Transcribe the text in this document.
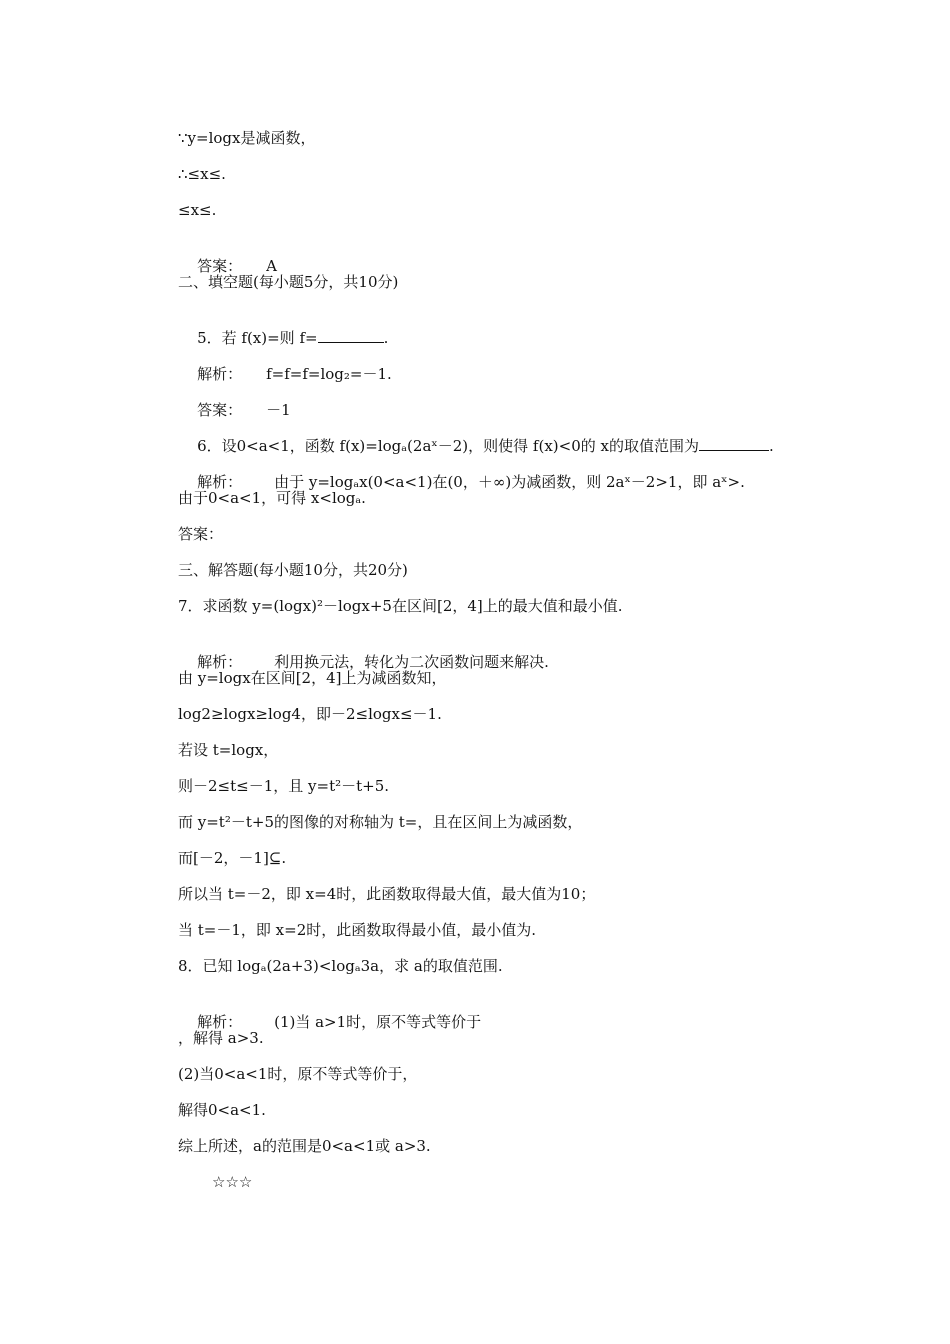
∵y=logx是减函数，
∴≤x≤.
≤x≤.

答案： A

二、填空题(每小题5分，共10分)

5．若 f(x)=则 f=	.

解析： f=f=f=log₂=－1.

答案： －1

6．设0<a<1，函数 f(x)=logₐ(2aˣ－2)，则使得 f(x)<0的 x的取值范围为	.

解析： 由于 y=logₐx(0<a<1)在(0，＋∞)为减函数，则 2aˣ－2>1，即 aˣ>.

由于0<a<1，可得 x<logₐ.
答案：
三、解答题(每小题10分，共20分)
7．求函数 y=(logx)²－logx+5在区间[2，4]上的最大值和最小值.

解析： 利用换元法，转化为二次函数问题来解决.

由 y=logx在区间[2，4]上为减函数知，
log2≥logx≥log4，即－2≤logx≤－1.
若设 t=logx，
则－2≤t≤－1，且 y=t²－t+5.
而 y=t²－t+5的图像的对称轴为 t=，且在区间上为减函数，
而[－2，－1]⊆.
所以当 t=－2，即 x=4时，此函数取得最大值，最大值为10；
当 t=－1，即 x=2时，此函数取得最小值，最小值为.
8．已知 logₐ(2a+3)<logₐ3a，求 a的取值范围.

解析： (1)当 a>1时，原不等式等价于

，解得 a>3.
(2)当0<a<1时，原不等式等价于，
解得0<a<1.
综上所述，a的范围是0<a<1或 a>3.
☆☆☆
